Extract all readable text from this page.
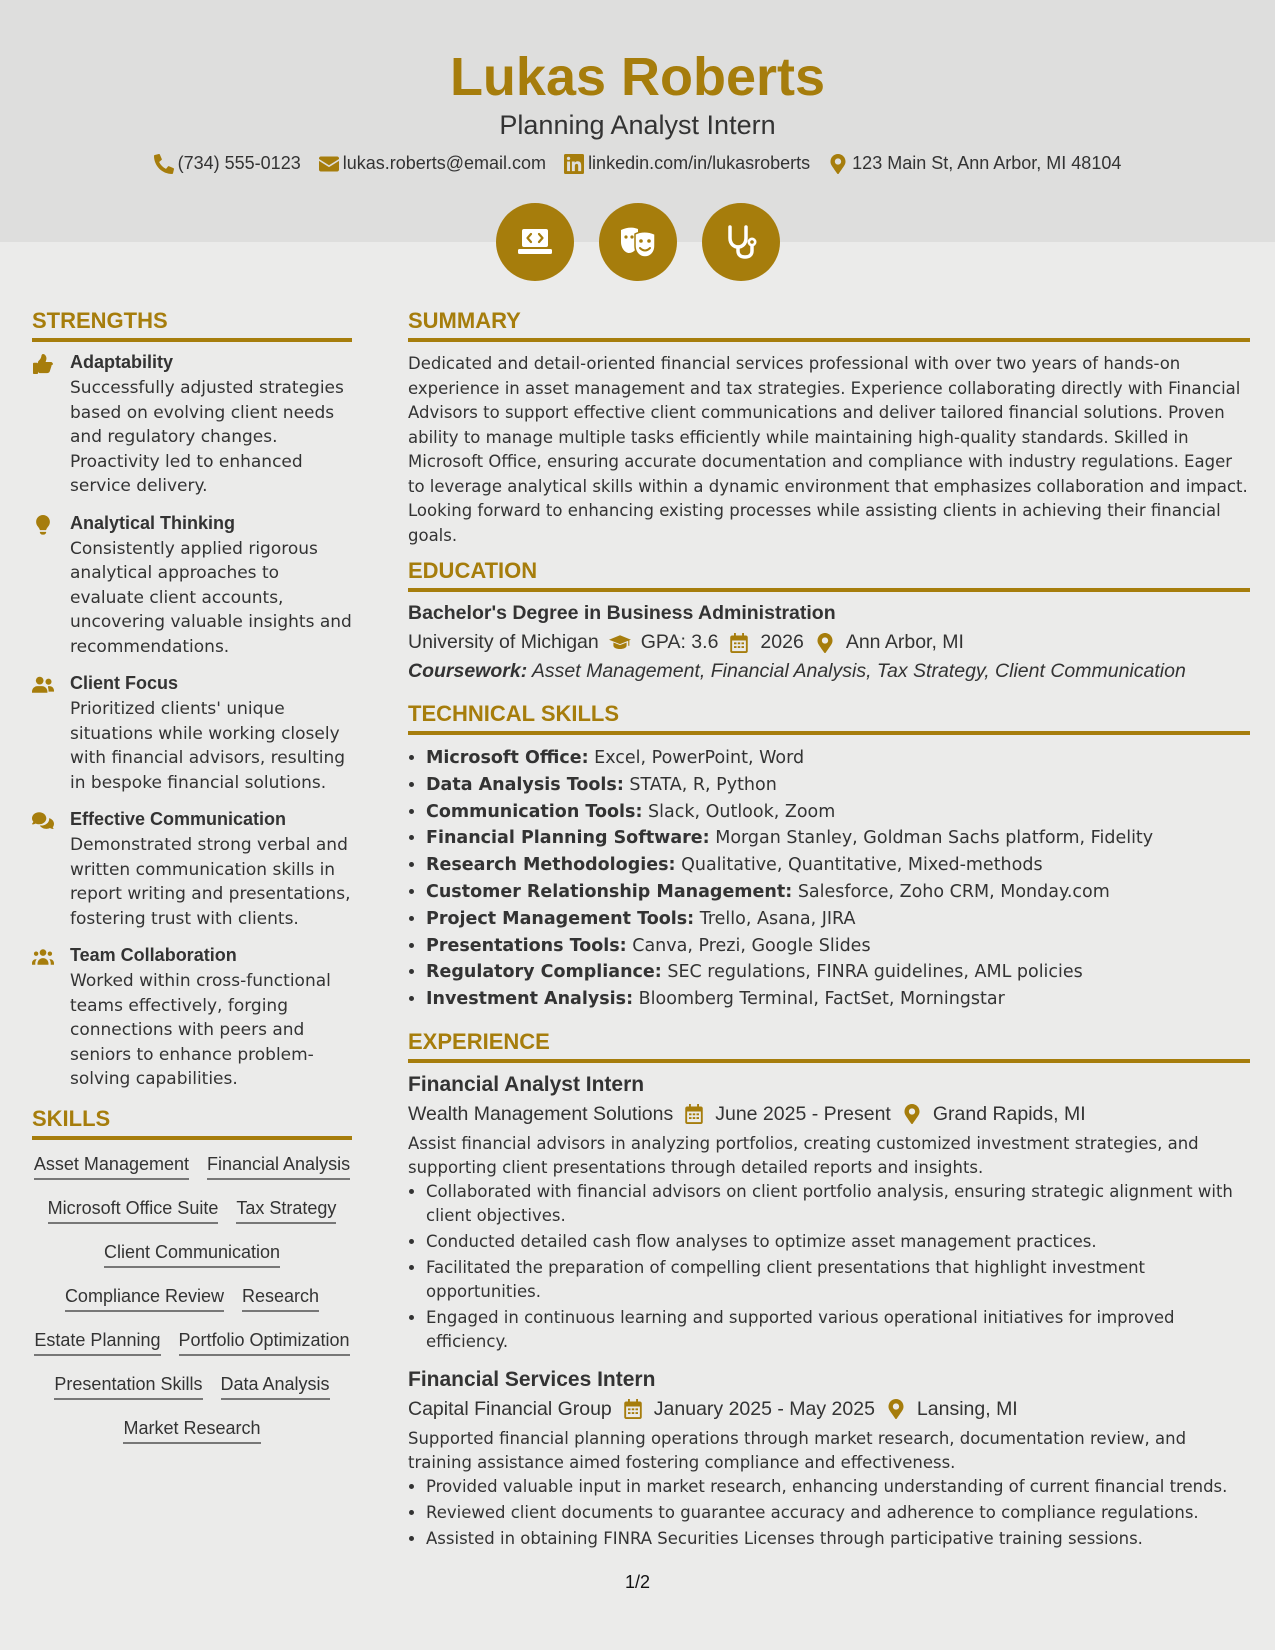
Lukas Roberts
Planning Analyst Intern
(734) 555-0123 lukas.roberts@email.com linkedin.com/in/lukasroberts 123 Main St, Ann Arbor, MI 48104
STRENGTHS
Adaptability
Successfully adjusted strategies based on evolving client needs and regulatory changes. Proactivity led to enhanced service delivery.
Analytical Thinking
Consistently applied rigorous analytical approaches to evaluate client accounts, uncovering valuable insights and recommendations.
Client Focus
Prioritized clients' unique situations while working closely with financial advisors, resulting in bespoke financial solutions.
Effective Communication
Demonstrated strong verbal and written communication skills in report writing and presentations, fostering trust with clients.
Team Collaboration
Worked within cross-functional teams effectively, forging connections with peers and seniors to enhance problem-solving capabilities.
SKILLS
Asset Management Financial Analysis
Microsoft Office Suite Tax Strategy
Client Communication
Compliance Review Research
Estate Planning Portfolio Optimization
Presentation Skills Data Analysis
Market Research
SUMMARY
Dedicated and detail-oriented financial services professional with over two years of hands-on experience in asset management and tax strategies. Experience collaborating directly with Financial Advisors to support effective client communications and deliver tailored financial solutions. Proven ability to manage multiple tasks efficiently while maintaining high-quality standards. Skilled in Microsoft Office, ensuring accurate documentation and compliance with industry regulations. Eager to leverage analytical skills within a dynamic environment that emphasizes collaboration and impact. Looking forward to enhancing existing processes while assisting clients in achieving their financial goals.
EDUCATION
Bachelor's Degree in Business Administration
University of Michigan GPA: 3.6 2026 Ann Arbor, MI
Coursework: Asset Management, Financial Analysis, Tax Strategy, Client Communication
TECHNICAL SKILLS
• Microsoft Office: Excel, PowerPoint, Word
• Data Analysis Tools: STATA, R, Python
• Communication Tools: Slack, Outlook, Zoom
• Financial Planning Software: Morgan Stanley, Goldman Sachs platform, Fidelity
• Research Methodologies: Qualitative, Quantitative, Mixed-methods
• Customer Relationship Management: Salesforce, Zoho CRM, Monday.com
• Project Management Tools: Trello, Asana, JIRA
• Presentations Tools: Canva, Prezi, Google Slides
• Regulatory Compliance: SEC regulations, FINRA guidelines, AML policies
• Investment Analysis: Bloomberg Terminal, FactSet, Morningstar
EXPERIENCE
Financial Analyst Intern
Wealth Management Solutions June 2025 - Present Grand Rapids, MI
Assist financial advisors in analyzing portfolios, creating customized investment strategies, and supporting client presentations through detailed reports and insights.
• Collaborated with financial advisors on client portfolio analysis, ensuring strategic alignment with client objectives.
• Conducted detailed cash flow analyses to optimize asset management practices.
• Facilitated the preparation of compelling client presentations that highlight investment opportunities.
• Engaged in continuous learning and supported various operational initiatives for improved efficiency.
Financial Services Intern
Capital Financial Group January 2025 - May 2025 Lansing, MI
Supported financial planning operations through market research, documentation review, and training assistance aimed fostering compliance and effectiveness.
• Provided valuable input in market research, enhancing understanding of current financial trends.
• Reviewed client documents to guarantee accuracy and adherence to compliance regulations.
• Assisted in obtaining FINRA Securities Licenses through participative training sessions.
1/2
